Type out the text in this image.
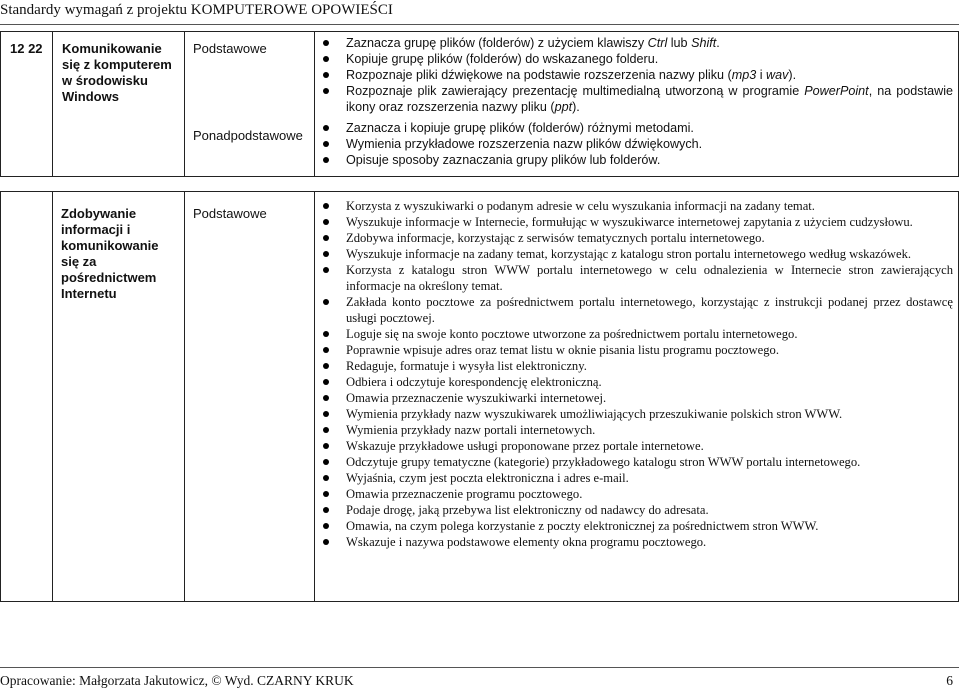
Standardy wymagań z projektu KOMPUTEROWE OPOWIEŚCI
12 22 Komunikowanie się z komputerem w środowisku Windows
Podstawowe	Zaznacza grupę plików (folderów) z użyciem klawiszy Ctrl lub Shift.
Kopiuje grupę plików (folderów) do wskazanego folderu.
Rozpoznaje pliki dźwiękowe na podstawie rozszerzenia nazwy pliku (mp3 i wav).
Rozpoznaje plik zawierający prezentację multimedialną utworzoną w programie PowerPoint, na podstawie ikony oraz rozszerzenia nazwy pliku (ppt).
Ponadpodstawowe	Zaznacza i kopiuje grupę plików (folderów) różnymi metodami.
Wymienia przykładowe rozszerzenia nazw plików dźwiękowych.
Opisuje sposoby zaznaczania grupy plików lub folderów.
Zdobywanie informacji i komunikowanie się za pośrednictwem Internetu
Podstawowe	Korzysta z wyszukiwarki o podanym adresie w celu wyszukania informacji na zadany temat.
Wyszukuje informacje w Internecie, formułując w wyszukiwarce internetowej zapytania z użyciem cudzysłowu.
Zdobywa informacje, korzystając z serwisów tematycznych portalu internetowego.
Wyszukuje informacje na zadany temat, korzystając z katalogu stron portalu internetowego według wskazówek.
Korzysta z katalogu stron WWW portalu internetowego w celu odnalezienia w Internecie stron zawierających informacje na określony temat.
Zakłada konto pocztowe za pośrednictwem portalu internetowego, korzystając z instrukcji podanej przez dostawcę usługi pocztowej.
Loguje się na swoje konto pocztowe utworzone za pośrednictwem portalu internetowego.
Poprawnie wpisuje adres oraz temat listu w oknie pisania listu programu pocztowego.
Redaguje, formatuje i wysyła list elektroniczny.
Odbiera i odczytuje korespondencję elektroniczną.
Omawia przeznaczenie wyszukiwarki internetowej.
Wymienia przykłady nazw wyszukiwarek umożliwiających przeszukiwanie polskich stron WWW.
Wymienia przykłady nazw portali internetowych.
Wskazuje przykładowe usługi proponowane przez portale internetowe.
Odczytuje grupy tematyczne (kategorie) przykładowego katalogu stron WWW portalu internetowego.
Wyjaśnia, czym jest poczta elektroniczna i adres e-mail.
Omawia przeznaczenie programu pocztowego.
Podaje drogę, jaką przebywa list elektroniczny od nadawcy do adresata.
Omawia, na czym polega korzystanie z poczty elektronicznej za pośrednictwem stron WWW.
Wskazuje i nazywa podstawowe elementy okna programu pocztowego.
Opracowanie: Małgorzata Jakutowicz, © Wyd. CZARNY KRUK	6
